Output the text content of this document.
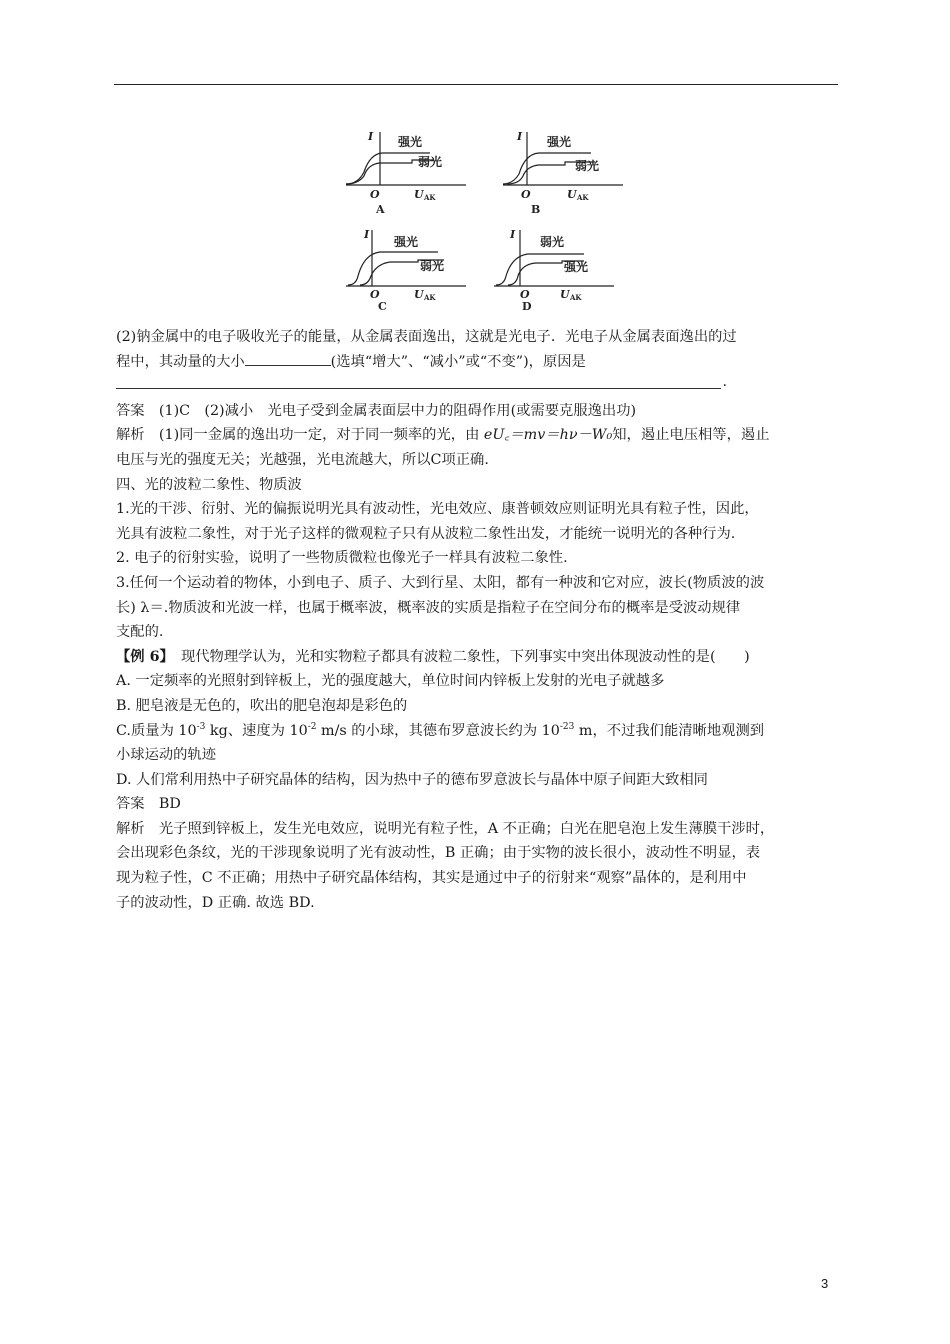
I 强光
弱光
O	U AK
A
I 强光
弱光
O	U AK
B
I
强光
弱光
O	U AK
C
I
弱光
强光
O	U AK
D

(2)钠金属中的电子吸收光子的能量，从金属表面逸出，这就是光电子．光电子从金属表面逸出的过

程中，其动量的大小	(选填“增大”、“减小”或“不变”)，原因是

.

答案　(1)C　(2)减小　光电子受到金属表面层中力的阻碍作用(或需要克服逸出功)

解析　(1)同一金属的逸出功一定，对于同一频率的光，由 eU꜀＝mv＝hν－W₀知，遏止电压相等，遏止

电压与光的强度无关；光越强，光电流越大，所以C项正确.

四、光的波粒二象性、物质波

1.光的干涉、衍射、光的偏振说明光具有波动性，光电效应、康普顿效应则证明光具有粒子性，因此，

光具有波粒二象性，对于光子这样的微观粒子只有从波粒二象性出发，才能统一说明光的各种行为.

2. 电子的衍射实验，说明了一些物质微粒也像光子一样具有波粒二象性.

3.任何一个运动着的物体，小到电子、质子、大到行星、太阳，都有一种波和它对应，波长(物质波的波

长) λ＝.物质波和光波一样，也属于概率波，概率波的实质是指粒子在空间分布的概率是受波动规律

支配的.

【例 6】　现代物理学认为，光和实物粒子都具有波粒二象性，下列事实中突出体现波动性的是(　　)

A. 一定频率的光照射到锌板上，光的强度越大，单位时间内锌板上发射的光电子就越多

B. 肥皂液是无色的，吹出的肥皂泡却是彩色的

C.质量为 $10^{-3}$ kg、速度为 $10^{-2}$ m/s 的小球，其德布罗意波长约为 $10^{-23}$ m，不过我们能清晰地观测到

小球运动的轨迹

D. 人们常利用热中子研究晶体的结构，因为热中子的德布罗意波长与晶体中原子间距大致相同

答案　BD

解析　光子照到锌板上，发生光电效应，说明光有粒子性，A 不正确；白光在肥皂泡上发生薄膜干涉时，

会出现彩色条纹，光的干涉现象说明了光有波动性，B 正确；由于实物的波长很小，波动性不明显，表

现为粒子性，C 不正确；用热中子研究晶体结构，其实是通过中子的衍射来“观察”晶体的，是利用中

子的波动性，D 正确. 故选 BD.

3
